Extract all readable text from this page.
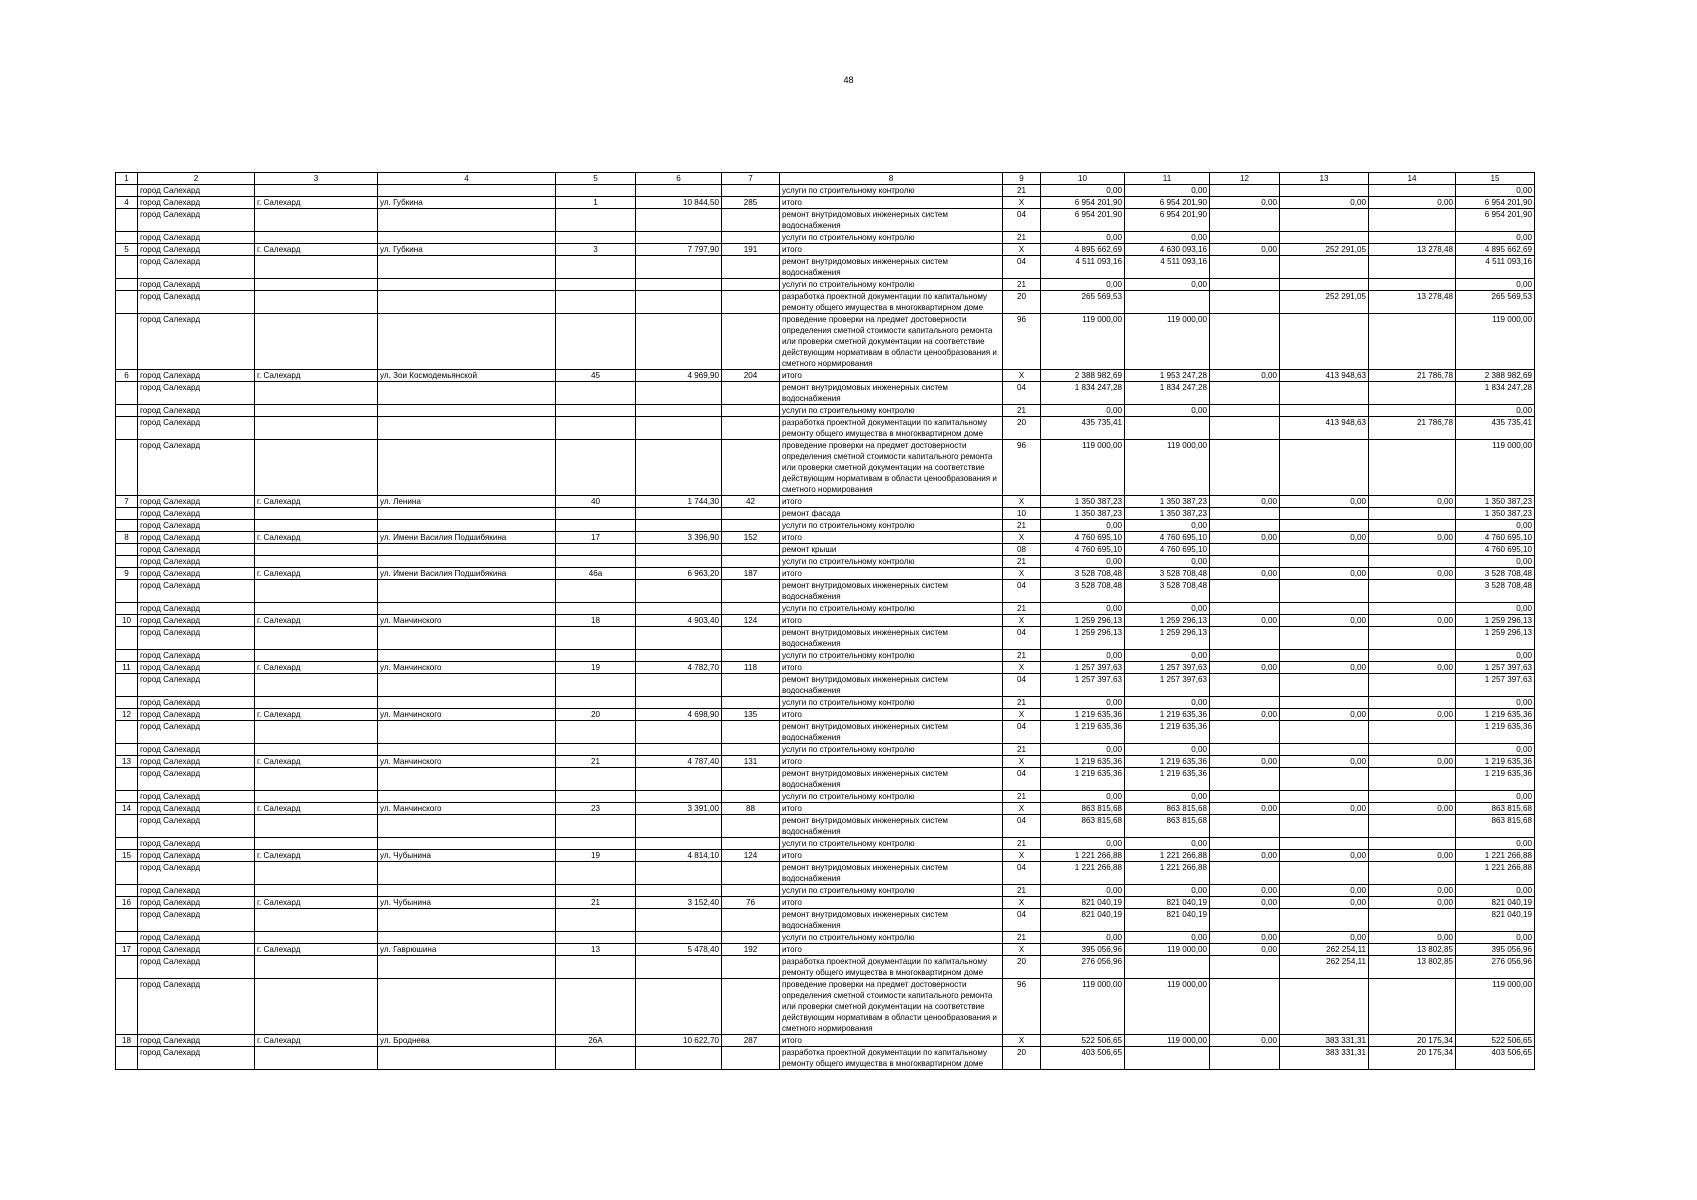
48
1	2	3	4	5	6	7	8	9	10	11	12	13	14	15
	город Салехард						услуги по строительному контролю	21	0,00	0,00				0,00
4	город Салехард	г. Салехард	ул. Губкина	1	10 844,50	285	итого	X	6 954 201,90	6 954 201,90	0,00	0,00	0,00	6 954 201,90
	город Салехард						ремонт внутридомовых инженерных систем водоснабжения	04	6 954 201,90	6 954 201,90				6 954 201,90
	город Салехард						услуги по строительному контролю	21	0,00	0,00				0,00
5	город Салехард	г. Салехард	ул. Губкина	3	7 797,90	191	итого	X	4 895 662,69	4 630 093,16	0,00	252 291,05	13 278,48	4 895 662,69
	город Салехард						ремонт внутридомовых инженерных систем водоснабжения	04	4 511 093,16	4 511 093,16				4 511 093,16
	город Салехард						услуги по строительному контролю	21	0,00	0,00				0,00
	город Салехард						разработка проектной документации по капитальному ремонту общего имущества в многоквартирном доме	20	265 569,53			252 291,05	13 278,48	265 569,53
	город Салехард						проведение проверки на предмет достоверности определения сметной стоимости капитального ремонта или проверки сметной документации на соответствие действующим нормативам в области ценообразования и сметного нормирования	96	119 000,00	119 000,00				119 000,00
6	город Салехард	г. Салехард	ул. Зои Космодемьянской	45	4 969,90	204	итого	X	2 388 982,69	1 953 247,28	0,00	413 948,63	21 786,78	2 388 982,69
	город Салехард						ремонт внутридомовых инженерных систем водоснабжения	04	1 834 247,28	1 834 247,28				1 834 247,28
	город Салехард						услуги по строительному контролю	21	0,00	0,00				0,00
	город Салехард						разработка проектной документации по капитальному ремонту общего имущества в многоквартирном доме	20	435 735,41			413 948,63	21 786,78	435 735,41
	город Салехард						проведение проверки на предмет достоверности определения сметной стоимости капитального ремонта или проверки сметной документации на соответствие действующим нормативам в области ценообразования и сметного нормирования	96	119 000,00	119 000,00				119 000,00
7	город Салехард	г. Салехард	ул. Ленина	40	1 744,30	42	итого	X	1 350 387,23	1 350 387,23	0,00	0,00	0,00	1 350 387,23
	город Салехард						ремонт фасада	10	1 350 387,23	1 350 387,23				1 350 387,23
	город Салехард						услуги по строительному контролю	21	0,00	0,00				0,00
8	город Салехард	г. Салехард	ул. Имени Василия Подшибякина	17	3 396,90	152	итого	X	4 760 695,10	4 760 695,10	0,00	0,00	0,00	4 760 695,10
	город Салехард						ремонт крыши	08	4 760 695,10	4 760 695,10				4 760 695,10
	город Салехард						услуги по строительному контролю	21	0,00	0,00				0,00
9	город Салехард	г. Салехард	ул. Имени Василия Подшибякина	46а	6 963,20	187	итого	X	3 528 708,48	3 528 708,48	0,00	0,00	0,00	3 528 708,48
	город Салехард						ремонт внутридомовых инженерных систем водоснабжения	04	3 528 708,48	3 528 708,48				3 528 708,48
	город Салехард						услуги по строительному контролю	21	0,00	0,00				0,00
10	город Салехард	г. Салехард	ул. Манчинского	18	4 903,40	124	итого	X	1 259 296,13	1 259 296,13	0,00	0,00	0,00	1 259 296,13
	город Салехард						ремонт внутридомовых инженерных систем водоснабжения	04	1 259 296,13	1 259 296,13				1 259 296,13
	город Салехард						услуги по строительному контролю	21	0,00	0,00				0,00
11	город Салехард	г. Салехард	ул. Манчинского	19	4 782,70	118	итого	X	1 257 397,63	1 257 397,63	0,00	0,00	0,00	1 257 397,63
	город Салехард						ремонт внутридомовых инженерных систем водоснабжения	04	1 257 397,63	1 257 397,63				1 257 397,63
	город Салехард						услуги по строительному контролю	21	0,00	0,00				0,00
12	город Салехард	г. Салехард	ул. Манчинского	20	4 698,90	135	итого	X	1 219 635,36	1 219 635,36	0,00	0,00	0,00	1 219 635,36
	город Салехард						ремонт внутридомовых инженерных систем водоснабжения	04	1 219 635,36	1 219 635,36				1 219 635,36
	город Салехард						услуги по строительному контролю	21	0,00	0,00				0,00
13	город Салехард	г. Салехард	ул. Манчинского	21	4 787,40	131	итого	X	1 219 635,36	1 219 635,36	0,00	0,00	0,00	1 219 635,36
	город Салехард						ремонт внутридомовых инженерных систем водоснабжения	04	1 219 635,36	1 219 635,36				1 219 635,36
	город Салехард						услуги по строительному контролю	21	0,00	0,00				0,00
14	город Салехард	г. Салехард	ул. Манчинского	23	3 391,00	88	итого	X	863 815,68	863 815,68	0,00	0,00	0,00	863 815,68
	город Салехард						ремонт внутридомовых инженерных систем водоснабжения	04	863 815,68	863 815,68				863 815,68
	город Салехард						услуги по строительному контролю	21	0,00	0,00				0,00
15	город Салехард	г. Салехард	ул. Чубынина	19	4 814,10	124	итого	X	1 221 266,88	1 221 266,88	0,00	0,00	0,00	1 221 266,88
	город Салехард						ремонт внутридомовых инженерных систем водоснабжения	04	1 221 266,88	1 221 266,88				1 221 266,88
	город Салехард						услуги по строительному контролю	21	0,00	0,00	0,00	0,00	0,00	0,00
16	город Салехард	г. Салехард	ул. Чубынина	21	3 152,40	76	итого	X	821 040,19	821 040,19	0,00	0,00	0,00	821 040,19
	город Салехард						ремонт внутридомовых инженерных систем водоснабжения	04	821 040,19	821 040,19				821 040,19
	город Салехард						услуги по строительному контролю	21	0,00	0,00	0,00	0,00	0,00	0,00
17	город Салехард	г. Салехард	ул. Гаврюшина	13	5 478,40	192	итого	X	395 056,96	119 000,00	0,00	262 254,11	13 802,85	395 056,96
	город Салехард						разработка проектной документации по капитальному ремонту общего имущества в многоквартирном доме	20	276 056,96			262 254,11	13 802,85	276 056,96
	город Салехард						проведение проверки на предмет достоверности определения сметной стоимости капитального ремонта или проверки сметной документации на соответствие действующим нормативам в области ценообразования и сметного нормирования	96	119 000,00	119 000,00				119 000,00
18	город Салехард	г. Салехард	ул. Броднева	26А	10 622,70	287	итого	X	522 506,65	119 000,00	0,00	383 331,31	20 175,34	522 506,65
	город Салехард						разработка проектной документации по капитальному ремонту общего имущества в многоквартирном доме	20	403 506,65			383 331,31	20 175,34	403 506,65
